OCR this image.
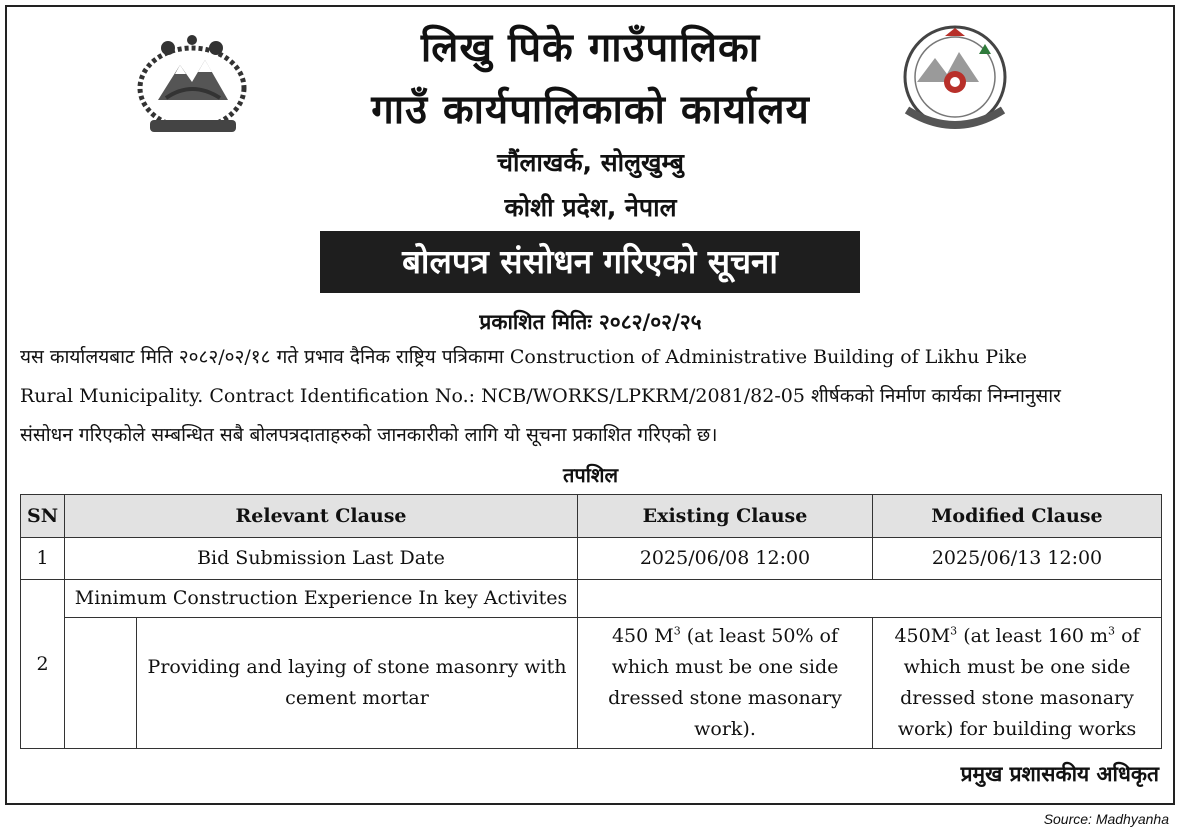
लिखु पिके गाउँपालिका
गाउँ कार्यपालिकाको कार्यालय
चौंलाखर्क, सोलुखुम्बु
कोशी प्रदेश, नेपाल
बोलपत्र संसोधन गरिएको सूचना
प्रकाशित मितिः २०८२/०२/२५
यस कार्यालयबाट मिति २०८२/०२/१८ गते प्रभाव दैनिक राष्ट्रिय पत्रिकामा Construction of Administrative Building of Likhu Pike
Rural Municipality. Contract Identification No.: NCB/WORKS/LPKRM/2081/82-05 शीर्षकको निर्माण कार्यका निम्नानुसार
संसोधन गरिएकोले सम्बन्धित सबै बोलपत्रदाताहरुको जानकारीको लागि यो सूचना प्रकाशित गरिएको छ।
तपशिल
SN	Relevant Clause		Existing Clause	Modified Clause
1	Bid Submission Last Date		2025/06/08 12:00	2025/06/13 12:00
2	Minimum Construction Experience In key Activites			
		Providing and laying of stone masonry with cement mortar	450 $M^3$ (at least 50% of which must be one side dressed stone masonary work).	$450M^3$ (at least 160 $m^3$ of which must be one side dressed stone masonary work) for building works
प्रमुख प्रशासकीय अधिकृत
Source: Madhyanha
